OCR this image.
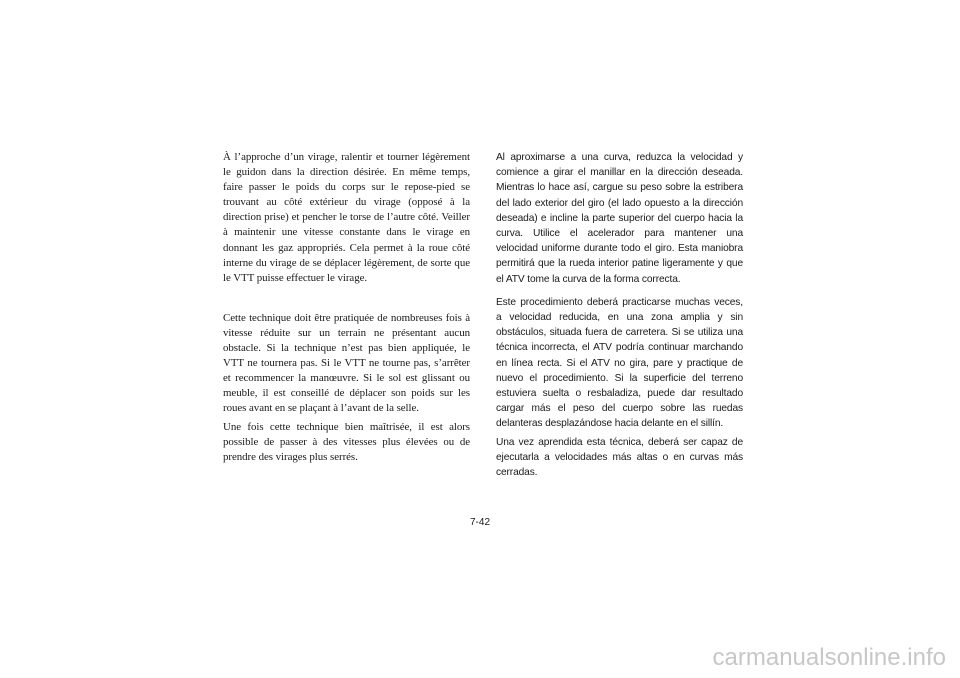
À l’approche d’un virage, ralentir et tourner légèrement le guidon dans la direction désirée. En même temps, faire passer le poids du corps sur le repose-pied se trouvant au côté extérieur du virage (opposé à la direction prise) et pencher le torse de l’autre côté. Veiller à maintenir une vitesse constante dans le virage en donnant les gaz appropriés. Cela permet à la roue côté interne du virage de se déplacer légèrement, de sorte que le VTT puisse effectuer le virage.

Cette technique doit être pratiquée de nombreuses fois à vitesse réduite sur un terrain ne présentant aucun obstacle. Si la technique n’est pas bien appliquée, le VTT ne tournera pas. Si le VTT ne tourne pas, s’arrêter et recommencer la manœuvre. Si le sol est glissant ou meuble, il est conseillé de déplacer son poids sur les roues avant en se plaçant à l’avant de la selle.

Une fois cette technique bien maîtrisée, il est alors possible de passer à des vitesses plus élevées ou de prendre des virages plus serrés.

Al aproximarse a una curva, reduzca la velocidad y comience a girar el manillar en la dirección deseada. Mientras lo hace así, cargue su peso sobre la estribera del lado exterior del giro (el lado opuesto a la dirección deseada) e incline la parte superior del cuerpo hacia la curva. Utilice el acelerador para mantener una velocidad uniforme durante todo el giro. Esta maniobra permitirá que la rueda interior patine ligeramente y que el ATV tome la curva de la forma correcta.

Este procedimiento deberá practicarse muchas veces, a velocidad reducida, en una zona amplia y sin obstáculos, situada fuera de carretera. Si se utiliza una técnica incorrecta, el ATV podría continuar marchando en línea recta. Si el ATV no gira, pare y practique de nuevo el procedimiento. Si la superficie del terreno estuviera suelta o resbaladiza, puede dar resultado cargar más el peso del cuerpo sobre las ruedas delanteras desplazándose hacia delante en el sillín.

Una vez aprendida esta técnica, deberá ser capaz de ejecutarla a velocidades más altas o en curvas más cerradas.

7-42
carmanualsonline.info
